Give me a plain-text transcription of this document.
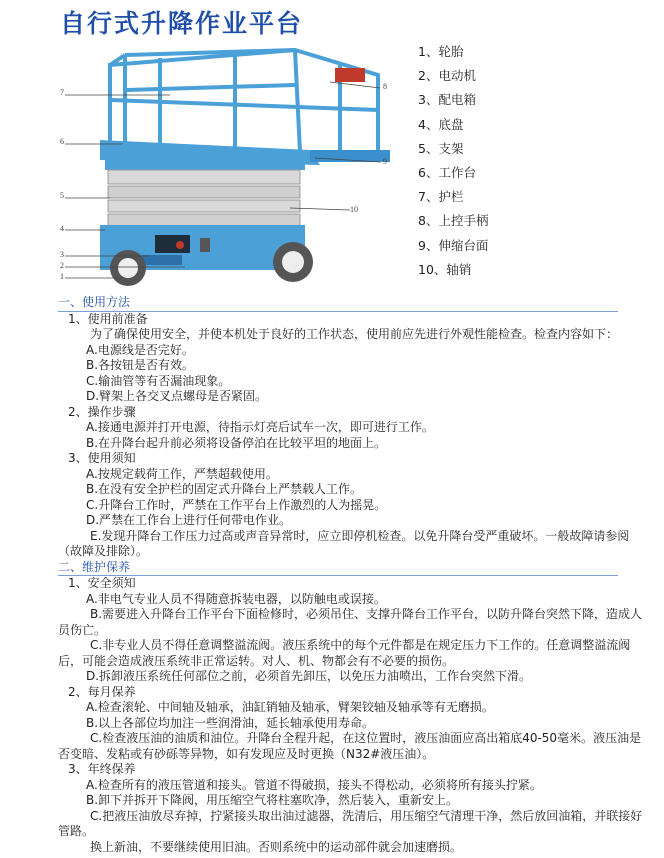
自行式升降作业平台
7
6
5
4
3
2
1
8
9
10
1、轮胎
2、电动机
3、配电箱
4、底盘
5、支架
6、工作台
7、护栏
8、上控手柄
9、伸缩台面
10、轴销

一、使用方法

1、使用前准备

为了确保使用安全，并使本机处于良好的工作状态，使用前应先进行外观性能检查。检查内容如下：

A.电源线是否完好。

B.各按钮是否有效。

C.输油管等有否漏油现象。

D.臂架上各交叉点螺母是否紧固。

2、操作步骤

A.接通电源并打开电源，待指示灯亮后试车一次，即可进行工作。

B.在升降台起升前必须将设备停泊在比较平坦的地面上。

3、使用须知

A.按规定载荷工作，严禁超载使用。

B.在没有安全护栏的固定式升降台上严禁载人工作。

C.升降台工作时，严禁在工作平台上作激烈的人为摇晃。

D.严禁在工作台上进行任何带电作业。

E.发现升降台工作压力过高或声音异常时，应立即停机检查。以免升降台受严重破坏。一般故障请参阅（故障及排除）。

二、维护保养

1、安全须知

A.非电气专业人员不得随意拆装电器，以防触电或误接。

B.需要进入升降台工作平台下面检修时，必须吊住、支撑升降台工作平台，以防升降台突然下降，造成人员伤亡。

C.非专业人员不得任意调整溢流阀。液压系统中的每个元件都是在规定压力下工作的。任意调整溢流阀后，可能会造成液压系统非正常运转。对人、机、物都会有不必要的损伤。

D.拆卸液压系统任何部位之前，必须首先卸压，以免压力油喷出，工作台突然下滑。

2、每月保养

A.检查滚轮、中间轴及轴承，油缸销轴及轴承，臂架铰轴及轴承等有无磨损。

B.以上各部位均加注一些润滑油，延长轴承使用寿命。

C.检查液压油的油质和油位。升降台全程升起，在这位置时，液压油面应高出箱底40-50毫米。液压油是否变暗、发粘或有砂砾等异物，如有发现应及时更换（N32#液压油）。

3、年终保养

A.检查所有的液压管道和接头。管道不得破损，接头不得松动，必须将所有接头拧紧。

B.卸下并拆开下降阀，用压缩空气将柱塞吹净，然后装入，重新安上。

C.把液压油放尽弃掉，拧紧接头取出油过滤器，洗清后，用压缩空气清理干净，然后放回油箱，并联接好管路。

换上新油，不要继续使用旧油。否则系统中的运动部件就会加速磨损。
